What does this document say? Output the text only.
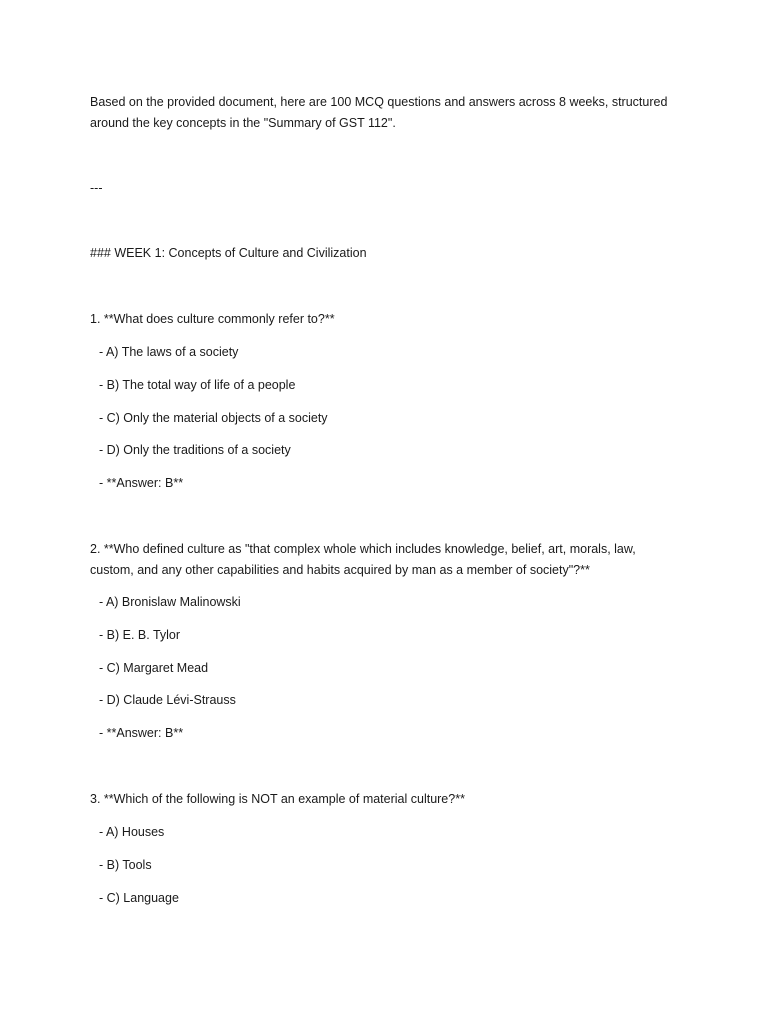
Based on the provided document, here are 100 MCQ questions and answers across 8 weeks, structured
around the key concepts in the "Summary of GST 112".
---
### WEEK 1: Concepts of Culture and Civilization
1. **What does culture commonly refer to?**
- A) The laws of a society
- B) The total way of life of a people
- C) Only the material objects of a society
- D) Only the traditions of a society
- **Answer: B**
2. **Who defined culture as "that complex whole which includes knowledge, belief, art, morals, law,
custom, and any other capabilities and habits acquired by man as a member of society"?**
- A) Bronislaw Malinowski
- B) E. B. Tylor
- C) Margaret Mead
- D) Claude Lévi-Strauss
- **Answer: B**
3. **Which of the following is NOT an example of material culture?**
- A) Houses
- B) Tools
- C) Language
